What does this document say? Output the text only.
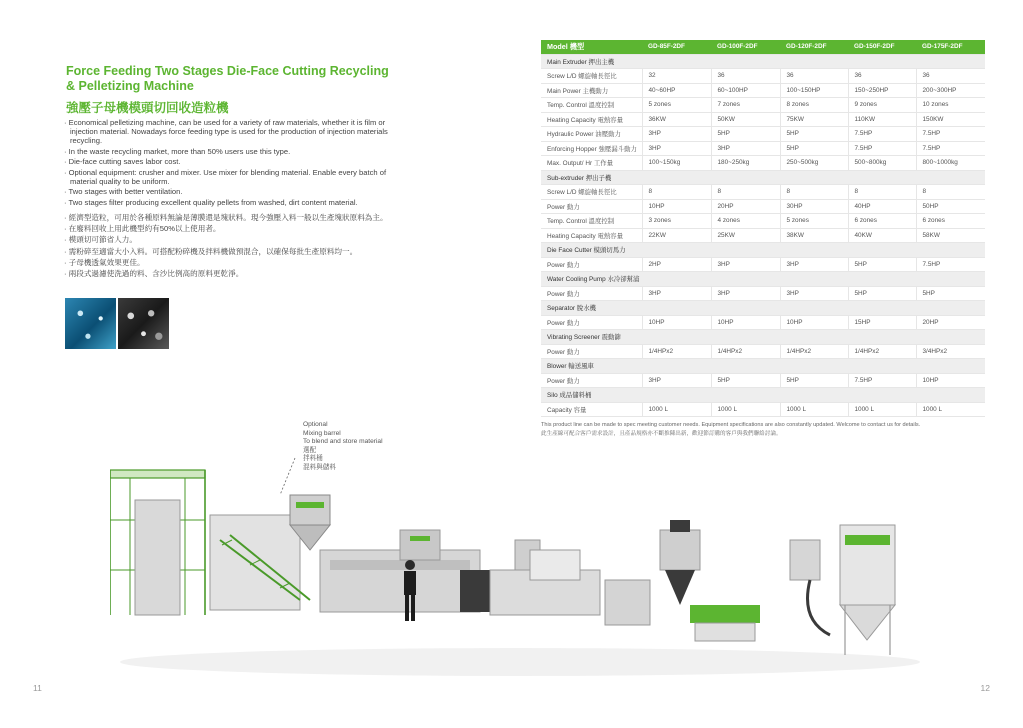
Force Feeding Two Stages Die-Face Cutting Recycling & Pelletizing Machine
強壓子母機模頭切回收造粒機
· Economical pelletizing machine, can be used for a variety of raw materials, whether it is film or injection material. Nowadays force feeding type is used for the production of injection materials recycling.
· In the waste recycling market, more than 50% users use this type.
· Die-face cutting saves labor cost.
· Optional equipment: crusher and mixer. Use mixer for blending material. Enable every batch of material quality to be uniform.
· Two stages with better ventilation.
· Two stages filter producing excellent quality pellets from washed, dirt content material.
· 經濟型造粒，可用於各種原料無論是薄膜還是塊狀料。現今強壓入料一般以生產塊狀原料為主。
· 在廢料回收上用此機型約有50%以上使用者。
· 模頭切可節省人力。
· 需粉碎至適當大小入料。可搭配粉碎機及拌料機做預混合，以確保每批生產原料均一。
· 子母機透氣效果更佳。
· 兩段式過濾使洗過的料、含沙比例高的原料更乾淨。
Model 機型	GD-85F-2DF	GD-100F-2DF	GD-120F-2DF	GD-150F-2DF	GD-175F-2DF
Main Extruder 押出主機					
Screw L/D 螺旋軸長徑比	32	36	36	36	36
Main Power 主機動力	40~60HP	60~100HP	100~150HP	150~250HP	200~300HP
Temp. Control 溫度控制	5 zones	7 zones	8 zones	9 zones	10 zones
Heating Capacity 電熱容量	36KW	50KW	75KW	110KW	150KW
Hydraulic Power 油壓動力	3HP	5HP	5HP	7.5HP	7.5HP
Enforcing Hopper 強壓漏斗動力	3HP	3HP	5HP	7.5HP	7.5HP
Max. Output/ Hr 工作量	100~150kg	180~250kg	250~500kg	500~800kg	800~1000kg
Sub-extruder 押出子機					
Screw L/D 螺旋軸長徑比	8	8	8	8	8
Power 動力	10HP	20HP	30HP	40HP	50HP
Temp. Control 溫度控制	3 zones	4 zones	5 zones	6 zones	6 zones
Heating Capacity 電熱容量	22KW	25KW	38KW	40KW	58KW
Die Face Cutter 模頭切馬力					
Power 動力	2HP	3HP	3HP	5HP	7.5HP
Water Cooling Pump 水冷卻幫浦					
Power 動力	3HP	3HP	3HP	5HP	5HP
Separator 脫水機					
Power 動力	10HP	10HP	10HP	15HP	20HP
Vibrating Screener 震動篩					
Power 動力	1/4HPx2	1/4HPx2	1/4HPx2	1/4HPx2	3/4HPx2
Blower 輸送風車					
Power 動力	3HP	5HP	5HP	7.5HP	10HP
Silo 成品儲料桶					
Capacity 容量	1000 L	1000 L	1000 L	1000 L	1000 L
This product line can be made to spec meeting customer needs. Equipment specifications are also constantly updated. Welcome to contact us for details.
此生產線可配合客戶需求設計，且產品規格亦不斷推陳出新，歡迎節訂購的客戶與我們聯絡討論。
Optional
Mixing barrel
To blend and store material
選配
拌料桶
混料與儲料
11	12
